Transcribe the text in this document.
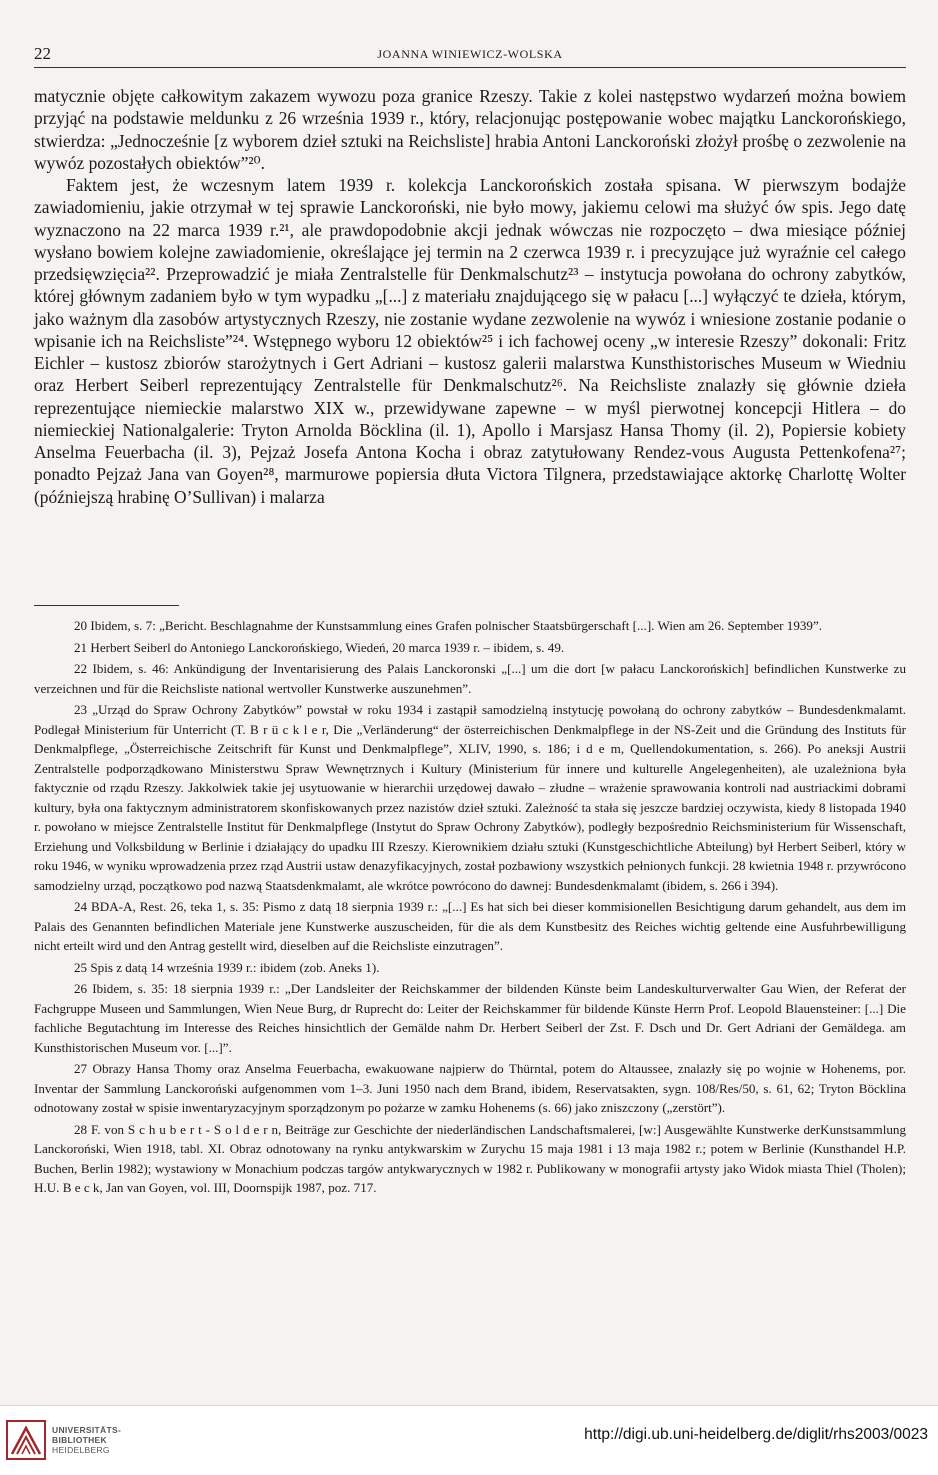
22	JOANNA WINIEWICZ-WOLSKA

matycznie objęte całkowitym zakazem wywozu poza granice Rzeszy. Takie z kolei następstwo wydarzeń można bowiem przyjąć na podstawie meldunku z 26 września 1939 r., który, relacjonując postępowanie wobec majątku Lanckorońskiego, stwierdza: „Jednocześnie [z wyborem dzieł sztuki na Reichsliste] hrabia Antoni Lanckoroński złożył prośbę o zezwolenie na wywóz pozostałych obiektów”²⁰.

Faktem jest, że wczesnym latem 1939 r. kolekcja Lanckorońskich została spisana. W pierwszym bodajże zawiadomieniu, jakie otrzymał w tej sprawie Lanckoroński, nie było mowy, jakiemu celowi ma służyć ów spis. Jego datę wyznaczono na 22 marca 1939 r.²¹, ale prawdopodobnie akcji jednak wówczas nie rozpoczęto – dwa miesiące później wysłano bowiem kolejne zawiadomienie, określające jej termin na 2 czerwca 1939 r. i precyzujące już wyraźnie cel całego przedsięwzięcia²². Przeprowadzić je miała Zentralstelle für Denkmalschutz²³ – instytucja powołana do ochrony zabytków, której głównym zadaniem było w tym wypadku „[...] z materiału znajdującego się w pałacu [...] wyłączyć te dzieła, którym, jako ważnym dla zasobów artystycznych Rzeszy, nie zostanie wydane zezwolenie na wywóz i wniesione zostanie podanie o wpisanie ich na Reichsliste”²⁴. Wstępnego wyboru 12 obiektów²⁵ i ich fachowej oceny „w interesie Rzeszy” dokonali: Fritz Eichler – kustosz zbiorów starożytnych i Gert Adriani – kustosz galerii malarstwa Kunsthistorisches Museum w Wiedniu oraz Herbert Seiberl reprezentujący Zentralstelle für Denkmalschutz²⁶. Na Reichsliste znalazły się głównie dzieła reprezentujące niemieckie malarstwo XIX w., przewidywane zapewne – w myśl pierwotnej koncepcji Hitlera – do niemieckiej Nationalgalerie: Tryton Arnolda Böcklina (il. 1), Apollo i Marsjasz Hansa Thomy (il. 2), Popiersie kobiety Anselma Feuerbacha (il. 3), Pejzaż Josefa Antona Kocha i obraz zatytułowany Rendez-vous Augusta Pettenkofena²⁷; ponadto Pejzaż Jana van Goyen²⁸, marmurowe popiersia dłuta Victora Tilgnera, przedstawiające aktorkę Charlottę Wolter (późniejszą hrabinę O’Sullivan) i malarza

20 Ibidem, s. 7: „Bericht. Beschlagnahme der Kunstsammlung eines Grafen polnischer Staatsbürgerschaft [...]. Wien am 26. September 1939”.

21 Herbert Seiberl do Antoniego Lanckorońskiego, Wiedeń, 20 marca 1939 r. – ibidem, s. 49.

22 Ibidem, s. 46: Ankündigung der Inventarisierung des Palais Lanckoronski „[...] um die dort [w pałacu Lanckorońskich] befindlichen Kunstwerke zu verzeichnen und für die Reichsliste national wertvoller Kunstwerke auszunehmen”.

23 „Urząd do Spraw Ochrony Zabytków” powstał w roku 1934 i zastąpił samodzielną instytucję powołaną do ochrony zabytków – Bundesdenkmalamt. Podlegał Ministerium für Unterricht (T. B r ü c k l e r, Die „Verländerung“ der österreichischen Denkmalpflege in der NS-Zeit und die Gründung des Instituts für Denkmalpflege, „Österreichische Zeitschrift für Kunst und Denkmalpflege”, XLIV, 1990, s. 186; i d e m, Quellendokumentation, s. 266). Po aneksji Austrii Zentralstelle podporządkowano Ministerstwu Spraw Wewnętrznych i Kultury (Ministerium für innere und kulturelle Angelegenheiten), ale uzależniona była faktycznie od rządu Rzeszy. Jakkolwiek takie jej usytuowanie w hierarchii urzędowej dawało – złudne – wrażenie sprawowania kontroli nad austriackimi dobrami kultury, była ona faktycznym administratorem skonfiskowanych przez nazistów dzieł sztuki. Zależność ta stała się jeszcze bardziej oczywista, kiedy 8 listopada 1940 r. powołano w miejsce Zentralstelle Institut für Denkmalpflege (Instytut do Spraw Ochrony Zabytków), podległy bezpośrednio Reichsministerium für Wissenschaft, Erziehung und Volksbildung w Berlinie i działający do upadku III Rzeszy. Kierownikiem działu sztuki (Kunstgeschichtliche Abteilung) był Herbert Seiberl, który w roku 1946, w wyniku wprowadzenia przez rząd Austrii ustaw denazyfikacyjnych, został pozbawiony wszystkich pełnionych funkcji. 28 kwietnia 1948 r. przywrócono samodzielny urząd, początkowo pod nazwą Staatsdenkmalamt, ale wkrótce powrócono do dawnej: Bundesdenkmalamt (ibidem, s. 266 i 394).

24 BDA-A, Rest. 26, teka 1, s. 35: Pismo z datą 18 sierpnia 1939 r.: „[...] Es hat sich bei dieser kommisionellen Besichtigung darum gehandelt, aus dem im Palais des Genannten befindlichen Materiale jene Kunstwerke auszuscheiden, für die als dem Kunstbesitz des Reiches wichtig geltende eine Ausfuhrbewilligung nicht erteilt wird und den Antrag gestellt wird, dieselben auf die Reichsliste einzutragen”.

25 Spis z datą 14 września 1939 r.: ibidem (zob. Aneks 1).

26 Ibidem, s. 35: 18 sierpnia 1939 r.: „Der Landsleiter der Reichskammer der bildenden Künste beim Landeskulturverwalter Gau Wien, der Referat der Fachgruppe Museen und Sammlungen, Wien Neue Burg, dr Ruprecht do: Leiter der Reichskammer für bildende Künste Herrn Prof. Leopold Blauensteiner: [...] Die fachliche Begutachtung im Interesse des Reiches hinsichtlich der Gemälde nahm Dr. Herbert Seiberl der Zst. F. Dsch und Dr. Gert Adriani der Gemäldega. am Kunsthistorischen Museum vor. [...]”.

27 Obrazy Hansa Thomy oraz Anselma Feuerbacha, ewakuowane najpierw do Thürntal, potem do Altaussee, znalazły się po wojnie w Hohenems, por. Inventar der Sammlung Lanckoroński aufgenommen vom 1–3. Juni 1950 nach dem Brand, ibidem, Reservatsakten, sygn. 108/Res/50, s. 61, 62; Tryton Böcklina odnotowany został w spisie inwentaryzacyjnym sporządzonym po pożarze w zamku Hohenems (s. 66) jako zniszczony („zerstört”).

28 F. von S c h u b e r t - S o l d e r n, Beiträge zur Geschichte der niederländischen Landschaftsmalerei, [w:] Ausgewählte Kunstwerke derKunstsammlung Lanckoroński, Wien 1918, tabl. XI. Obraz odnotowany na rynku antykwarskim w Zurychu 15 maja 1981 i 13 maja 1982 r.; potem w Berlinie (Kunsthandel H.P. Buchen, Berlin 1982); wystawiony w Monachium podczas targów antykwarycznych w 1982 r. Publikowany w monografii artysty jako Widok miasta Thiel (Tholen); H.U. B e c k, Jan van Goyen, vol. III, Doornspijk 1987, poz. 717.

UNIVERSITÄTS-
BIBLIOTHEK
HEIDELBERG
http://digi.ub.uni-heidelberg.de/diglit/rhs2003/0023
